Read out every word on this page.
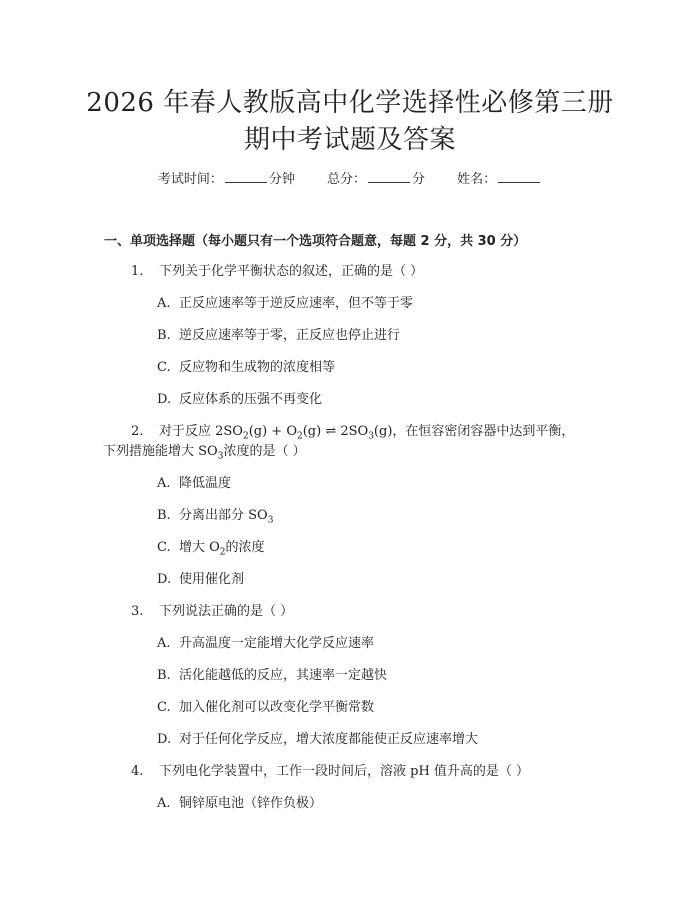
2026 年春人教版高中化学选择性必修第三册
期中考试题及答案
考试时间：	分钟 总分：	分 姓名：
一、单项选择题（每小题只有一个选项符合题意，每题 2 分，共 30 分）
1. 下列关于化学平衡状态的叙述，正确的是（ ）
A. 正反应速率等于逆反应速率，但不等于零
B. 逆反应速率等于零，正反应也停止进行
C. 反应物和生成物的浓度相等
D. 反应体系的压强不再变化
2. 对于反应 $2SO_2(g) + O_2(g)$ ⇌ $2SO_3(g)$，在恒容密闭容器中达到平衡，
下列措施能增大 $SO_3$浓度的是（ ）
A. 降低温度
B. 分离出部分 $SO_3$
C. 增大 $O_2$的浓度
D. 使用催化剂
3. 下列说法正确的是（ ）
A. 升高温度一定能增大化学反应速率
B. 活化能越低的反应，其速率一定越快
C. 加入催化剂可以改变化学平衡常数
D. 对于任何化学反应，增大浓度都能使正反应速率增大
4. 下列电化学装置中，工作一段时间后，溶液 pH 值升高的是（ ）
A. 铜锌原电池（锌作负极）
